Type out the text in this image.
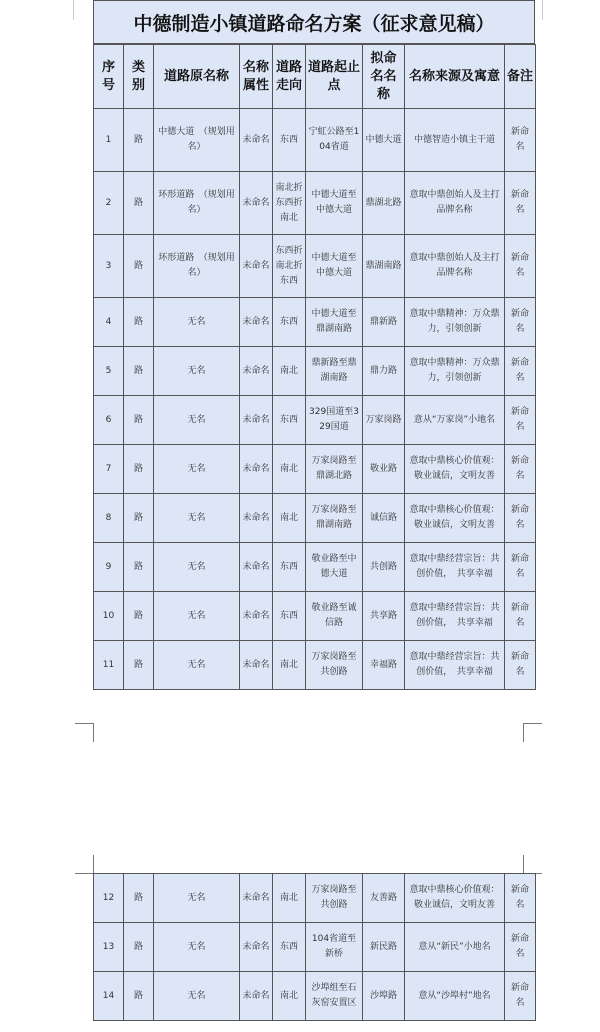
中德制造小镇道路命名方案（征求意见稿）
序号	类别	道路原名称	名称属性	道路走向	道路起止点	拟命名名称	名称来源及寓意	备注
1	路	中德大道　（规划用名）	未命名	东西	宁虹公路至104省道	中德大道	中德智造小镇主干道	新命名
2	路	环形道路　（规划用名）	未命名	南北折东西折南北	中德大道至中德大道	鼎湖北路	意取中鼎创始人及主打品牌名称	新命名
3	路	环形道路　（规划用名）	未命名	东西折南北折东西	中德大道至中德大道	鼎湖南路	意取中鼎创始人及主打品牌名称	新命名
4	路	无名	未命名	东西	中德大道至鼎湖南路	鼎新路	意取中鼎精神：万众鼎力，引领创新	新命名
5	路	无名	未命名	南北	鼎新路至鼎湖南路	鼎力路	意取中鼎精神：万众鼎力，引领创新	新命名
6	路	无名	未命名	东西	329国道至329国道	万家岗路	意从“万家岗”小地名	新命名
7	路	无名	未命名	南北	万家岗路至鼎湖北路	敬业路	意取中鼎核心价值观：敬业诚信，文明友善	新命名
8	路	无名	未命名	南北	万家岗路至鼎湖南路	诚信路	意取中鼎核心价值观：敬业诚信，文明友善	新命名
9	路	无名	未命名	东西	敬业路至中德大道	共创路	意取中鼎经营宗旨：共创价值，　共享幸福	新命名
10	路	无名	未命名	东西	敬业路至诚信路	共享路	意取中鼎经营宗旨：共创价值，　共享幸福	新命名
11	路	无名	未命名	南北	万家岗路至共创路	幸福路	意取中鼎经营宗旨：共创价值，　共享幸福	新命名
12	路	无名	未命名	南北	万家岗路至共创路	友善路	意取中鼎核心价值观：敬业诚信，文明友善	新命名
13	路	无名	未命名	东西	104省道至新桥	新民路	意从“新民”小地名	新命名
14	路	无名	未命名	南北	沙埠组至石灰窑安置区	沙埠路	意从“沙埠村”地名	新命名
